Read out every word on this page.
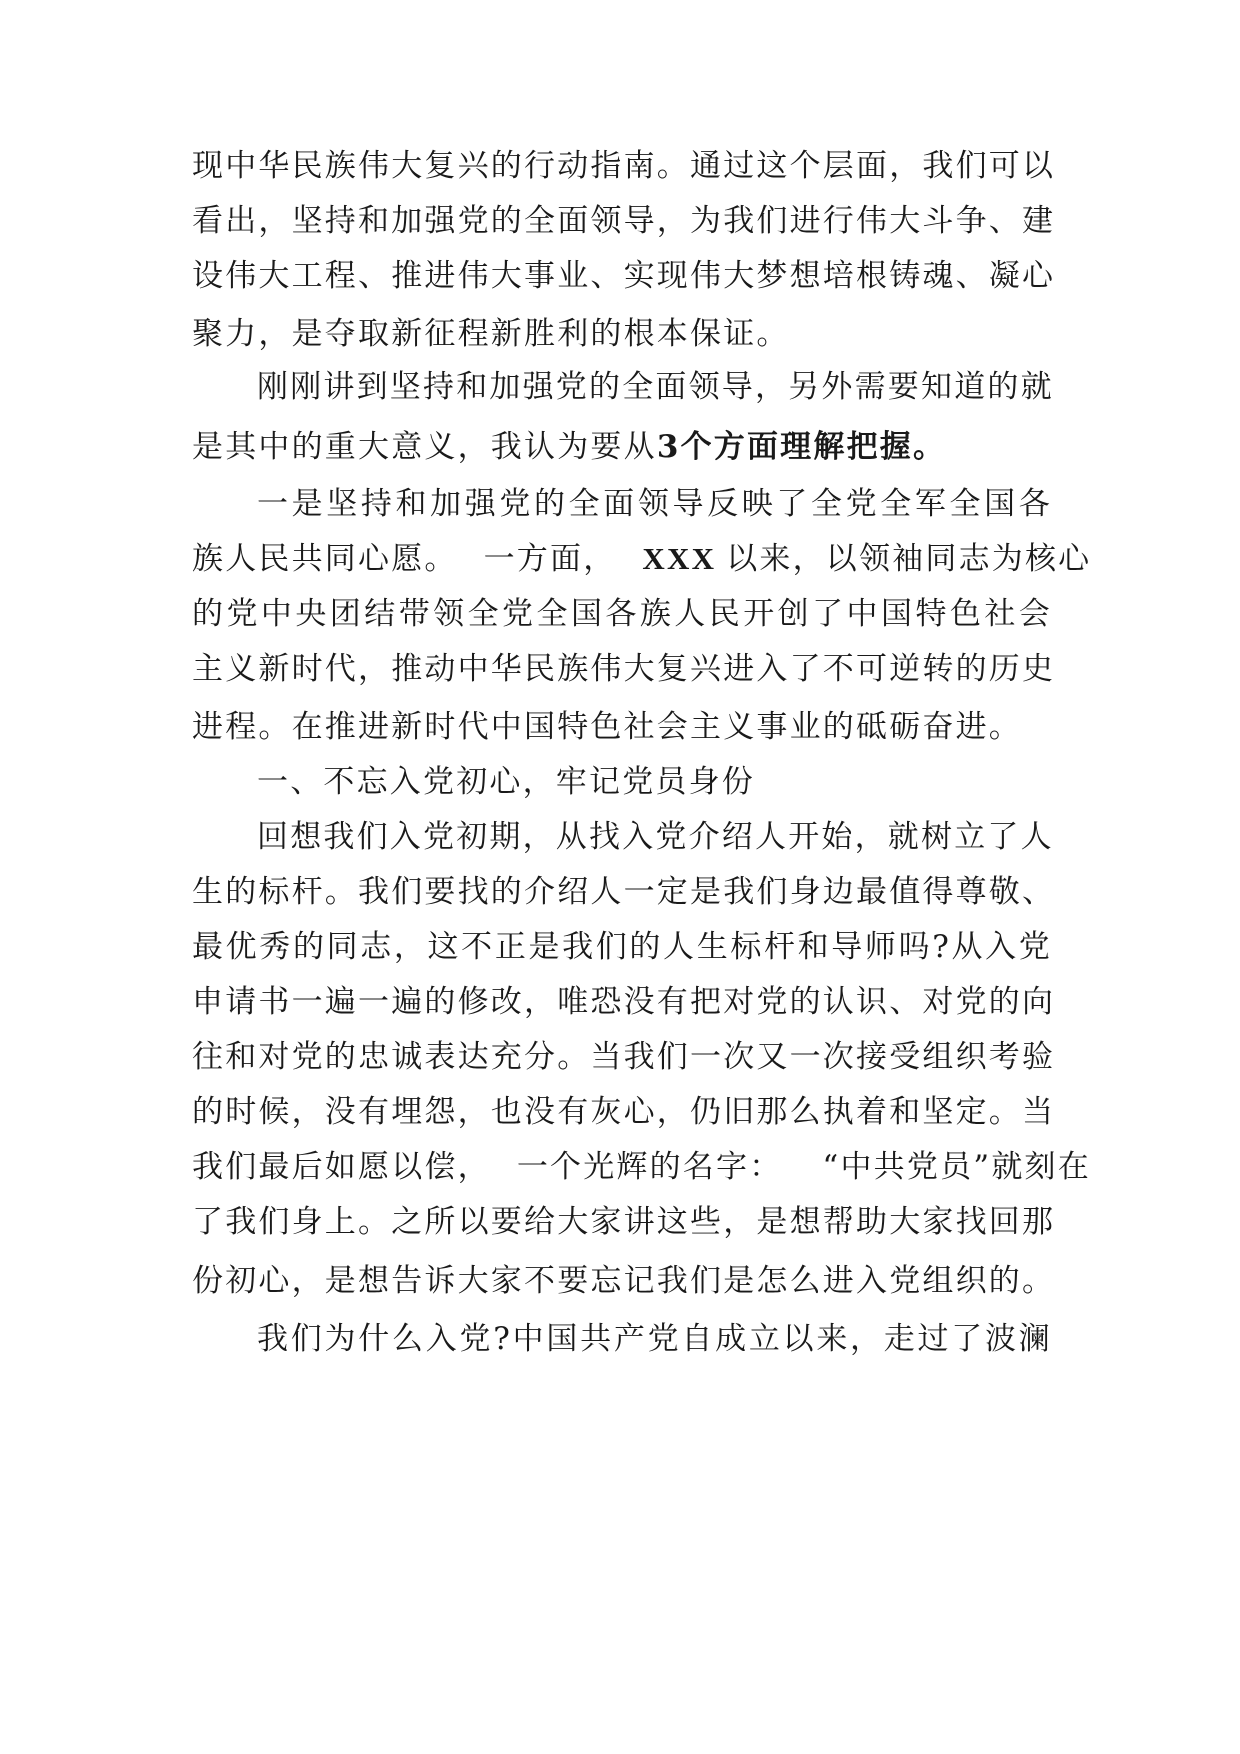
现中华民族伟大复兴的行动指南。通过这个层面，我们可以
看出，坚持和加强党的全面领导，为我们进行伟大斗争、建
设伟大工程、推进伟大事业、实现伟大梦想培根铸魂、凝心
聚力，是夺取新征程新胜利的根本保证。
刚刚讲到坚持和加强党的全面领导，另外需要知道的就
是其中的重大意义，我认为要从3个方面理解把握。
一是坚持和加强党的全面领导反映了全党全军全国各
族人民共同心愿。 一方面， XXX 以来，以领袖同志为核心
的党中央团结带领全党全国各族人民开创了中国特色社会
主义新时代，推动中华民族伟大复兴进入了不可逆转的历史
进程。在推进新时代中国特色社会主义事业的砥砺奋进。
一、不忘入党初心，牢记党员身份
回想我们入党初期，从找入党介绍人开始，就树立了人
生的标杆。我们要找的介绍人一定是我们身边最值得尊敬、
最优秀的同志，这不正是我们的人生标杆和导师吗?从入党
申请书一遍一遍的修改，唯恐没有把对党的认识、对党的向
往和对党的忠诚表达充分。当我们一次又一次接受组织考验
的时候，没有埋怨，也没有灰心，仍旧那么执着和坚定。当
我们最后如愿以偿， 一个光辉的名字： “中共党员”就刻在
了我们身上。之所以要给大家讲这些，是想帮助大家找回那
份初心，是想告诉大家不要忘记我们是怎么进入党组织的。
我们为什么入党?中国共产党自成立以来，走过了波澜
